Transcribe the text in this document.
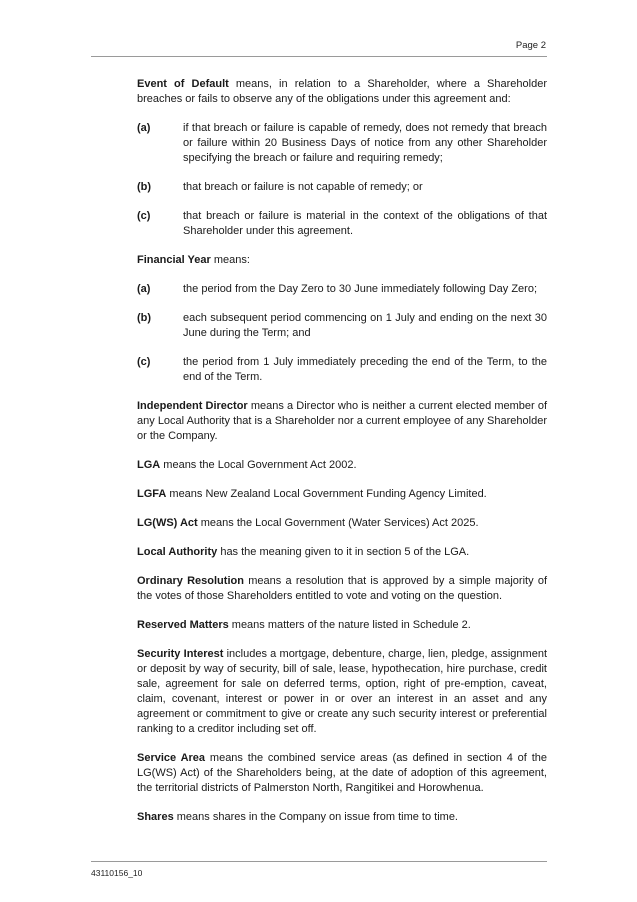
Page 2

Event of Default means, in relation to a Shareholder, where a Shareholder breaches or fails to observe any of the obligations under this agreement and:

(a)	if that breach or failure is capable of remedy, does not remedy that breach or failure within 20 Business Days of notice from any other Shareholder specifying the breach or failure and requiring remedy;
(b)	that breach or failure is not capable of remedy; or
(c)	that breach or failure is material in the context of the obligations of that Shareholder under this agreement.

Financial Year means:

(a)	the period from the Day Zero to 30 June immediately following Day Zero;
(b)	each subsequent period commencing on 1 July and ending on the next 30 June during the Term; and
(c)	the period from 1 July immediately preceding the end of the Term, to the end of the Term.

Independent Director means a Director who is neither a current elected member of any Local Authority that is a Shareholder nor a current employee of any Shareholder or the Company.

LGA means the Local Government Act 2002.

LGFA means New Zealand Local Government Funding Agency Limited.

LG(WS) Act means the Local Government (Water Services) Act 2025.

Local Authority has the meaning given to it in section 5 of the LGA.

Ordinary Resolution means a resolution that is approved by a simple majority of the votes of those Shareholders entitled to vote and voting on the question.

Reserved Matters means matters of the nature listed in Schedule 2.

Security Interest includes a mortgage, debenture, charge, lien, pledge, assignment or deposit by way of security, bill of sale, lease, hypothecation, hire purchase, credit sale, agreement for sale on deferred terms, option, right of pre-emption, caveat, claim, covenant, interest or power in or over an interest in an asset and any agreement or commitment to give or create any such security interest or preferential ranking to a creditor including set off.

Service Area means the combined service areas (as defined in section 4 of the LG(WS) Act) of the Shareholders being, at the date of adoption of this agreement, the territorial districts of Palmerston North, Rangitikei and Horowhenua.

Shares means shares in the Company on issue from time to time.

43110156_10
